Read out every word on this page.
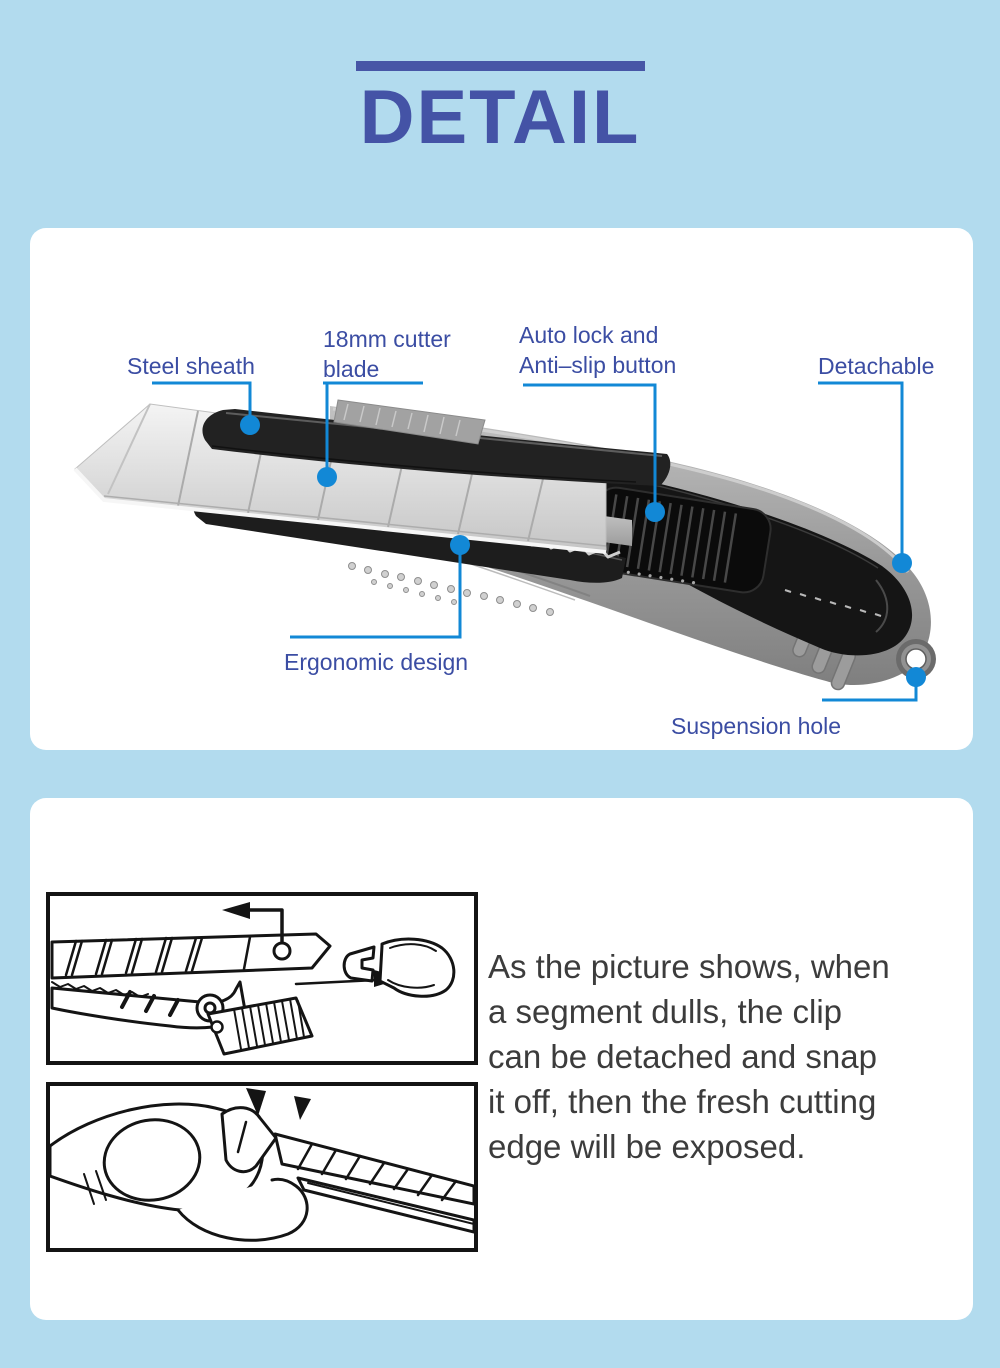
DETAIL
Steel sheath
18mm cutter
blade
Auto lock and
Anti–slip button	Detachable
Ergonomic design
Suspension hole
As the picture shows, when
a segment dulls, the clip
can be detached and snap
it off, then the fresh cutting
edge will be exposed.
